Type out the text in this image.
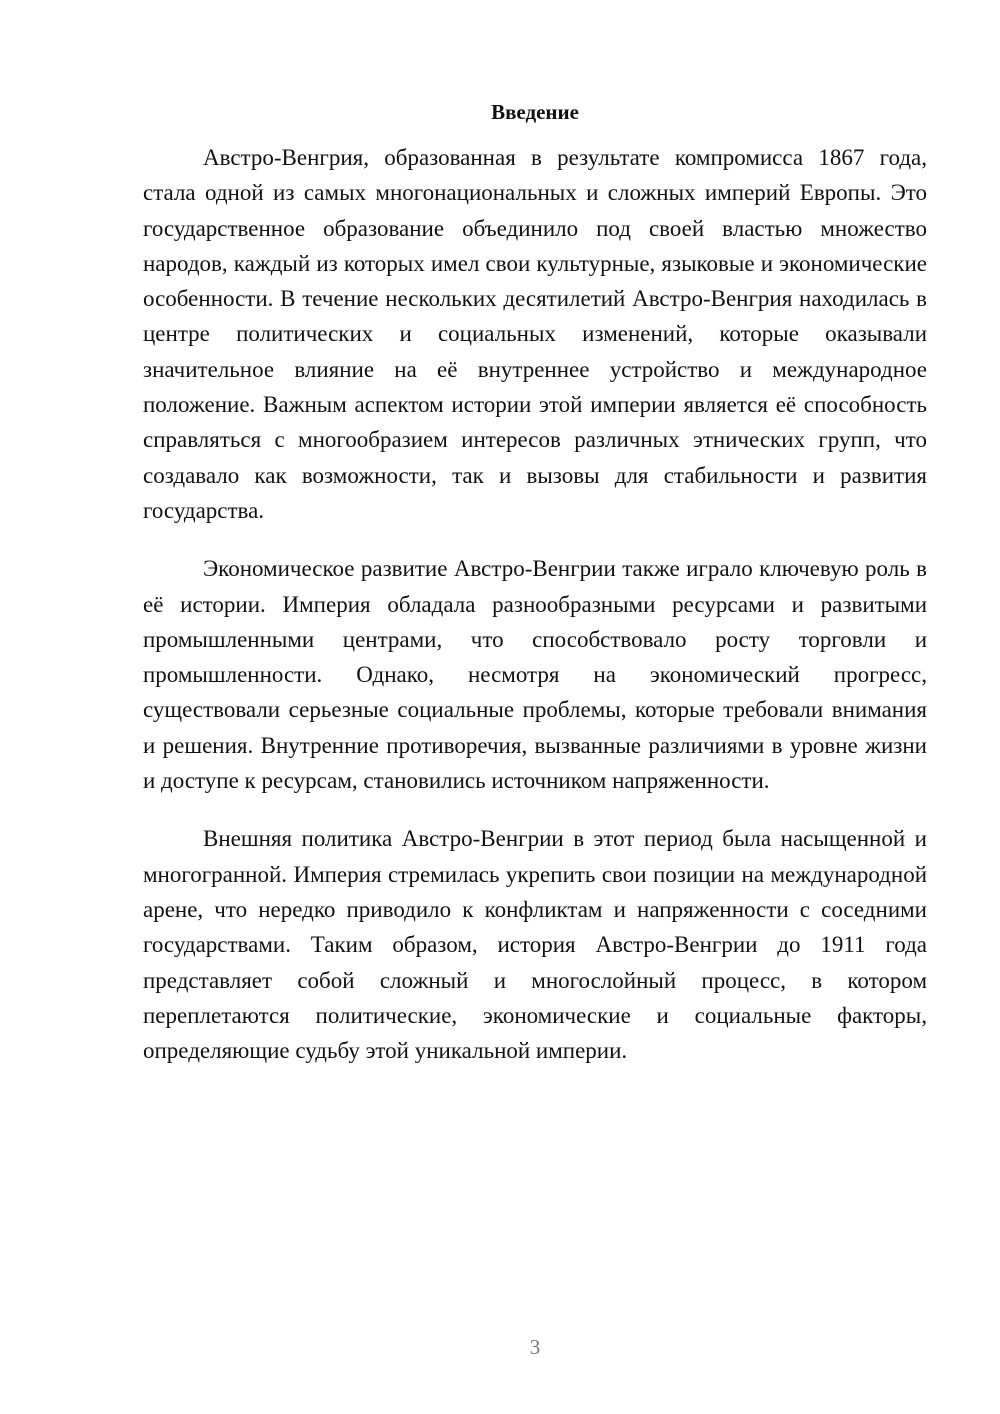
Введение

Австро-Венгрия, образованная в результате компромисса 1867 года, стала одной из самых многонациональных и сложных империй Европы. Это государственное образование объединило под своей властью множество народов, каждый из которых имел свои культурные, языковые и экономические особенности. В течение нескольких десятилетий Австро-Венгрия находилась в центре политических и социальных изменений, которые оказывали значительное влияние на её внутреннее устройство и международное положение. Важным аспектом истории этой империи является её способность справляться с многообразием интересов различных этнических групп, что создавало как возможности, так и вызовы для стабильности и развития государства.

Экономическое развитие Австро-Венгрии также играло ключевую роль в её истории. Империя обладала разнообразными ресурсами и развитыми промышленными центрами, что способствовало росту торговли и промышленности. Однако, несмотря на экономический прогресс, существовали серьезные социальные проблемы, которые требовали внимания и решения. Внутренние противоречия, вызванные различиями в уровне жизни и доступе к ресурсам, становились источником напряженности.

Внешняя политика Австро-Венгрии в этот период была насыщенной и многогранной. Империя стремилась укрепить свои позиции на международной арене, что нередко приводило к конфликтам и напряженности с соседними государствами. Таким образом, история Австро-Венгрии до 1911 года представляет собой сложный и многослойный процесс, в котором переплетаются политические, экономические и социальные факторы, определяющие судьбу этой уникальной империи.

3
